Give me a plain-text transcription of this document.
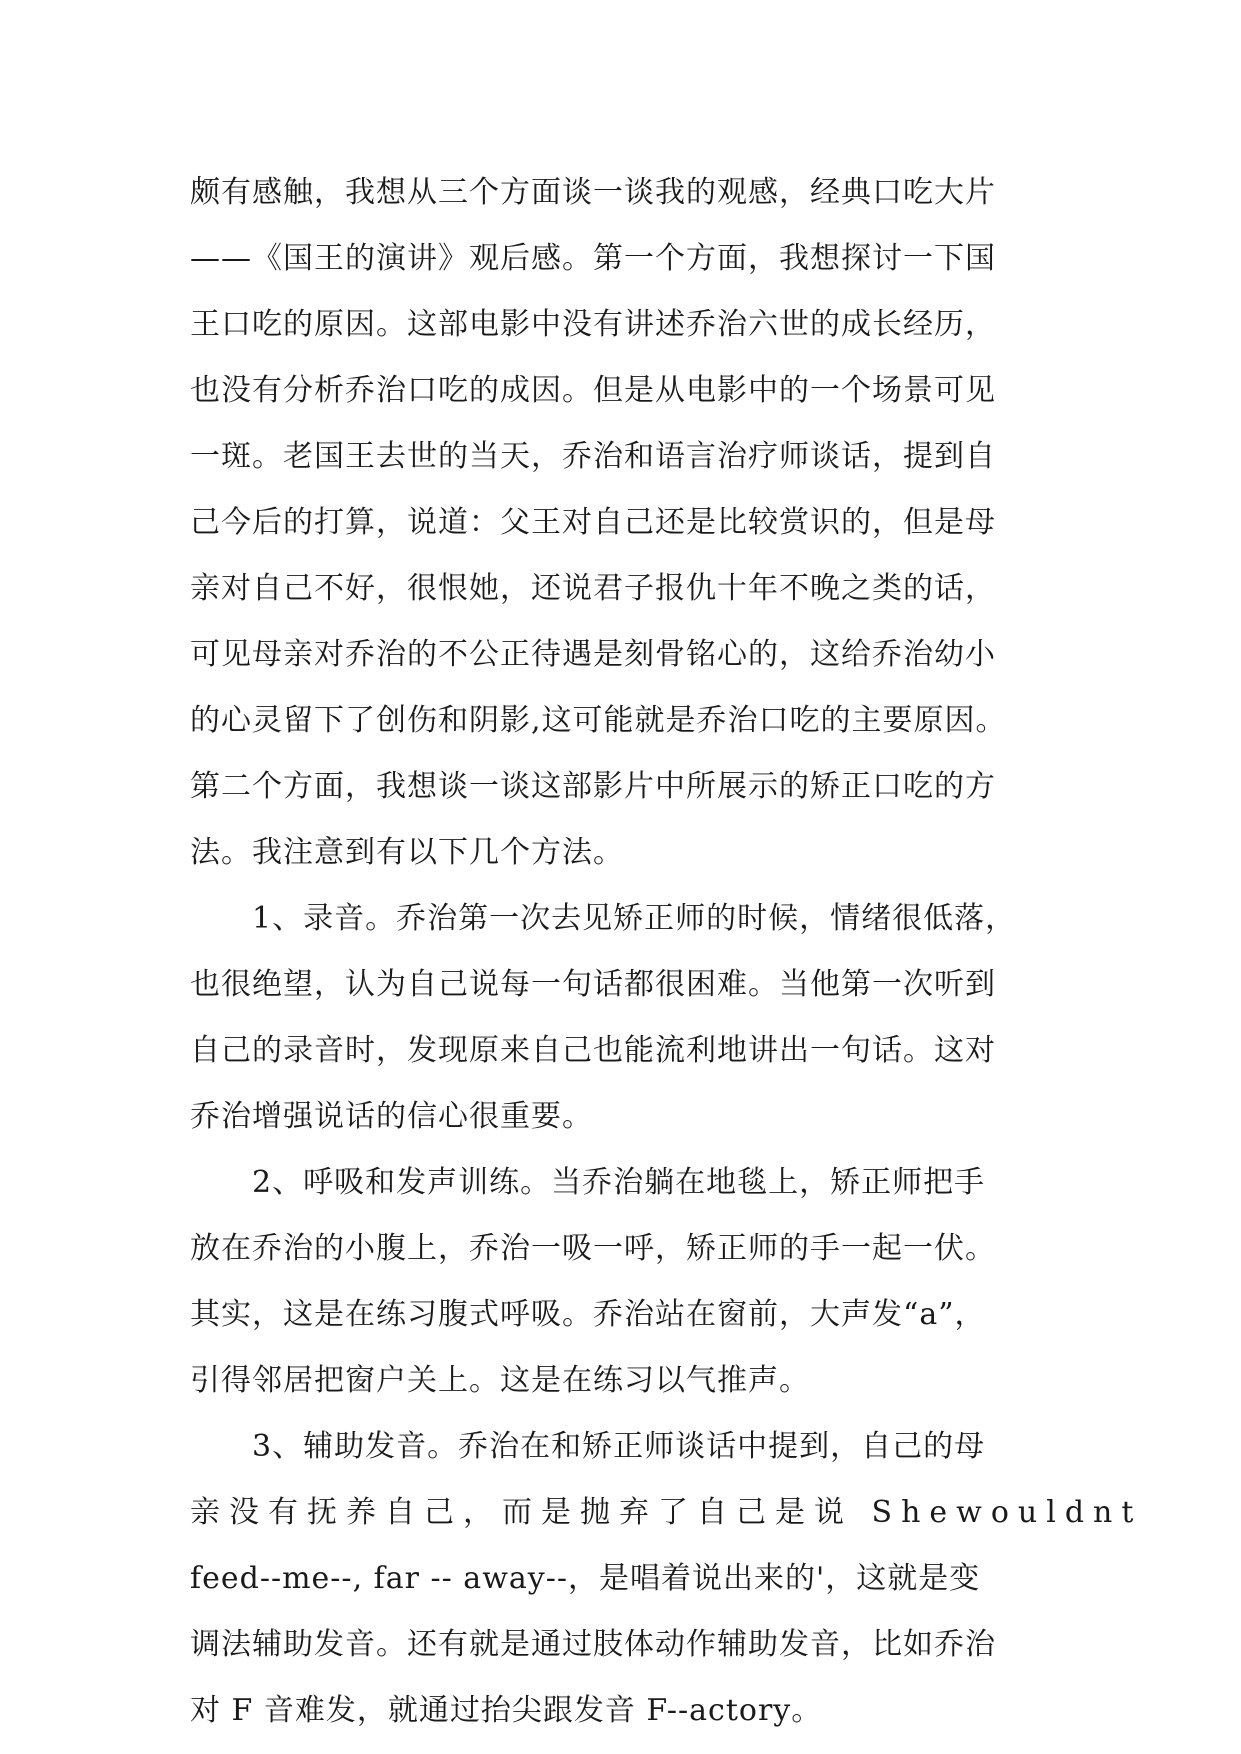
颇有感触，我想从三个方面谈一谈我的观感，经典口吃大片
——《国王的演讲》观后感。第一个方面，我想探讨一下国
王口吃的原因。这部电影中没有讲述乔治六世的成长经历，
也没有分析乔治口吃的成因。但是从电影中的一个场景可见
一斑。老国王去世的当天，乔治和语言治疗师谈话，提到自
己今后的打算，说道：父王对自己还是比较赏识的，但是母
亲对自己不好，很恨她，还说君子报仇十年不晚之类的话，
可见母亲对乔治的不公正待遇是刻骨铭心的，这给乔治幼小
的心灵留下了创伤和阴影,这可能就是乔治口吃的主要原因。
第二个方面，我想谈一谈这部影片中所展示的矫正口吃的方
法。我注意到有以下几个方法。
1、录音。乔治第一次去见矫正师的时候，情绪很低落，
也很绝望，认为自己说每一句话都很困难。当他第一次听到
自己的录音时，发现原来自己也能流利地讲出一句话。这对
乔治增强说话的信心很重要。
2、呼吸和发声训练。当乔治躺在地毯上，矫正师把手
放在乔治的小腹上，乔治一吸一呼，矫正师的手一起一伏。
其实，这是在练习腹式呼吸。乔治站在窗前，大声发“a”，
引得邻居把窗户关上。这是在练习以气推声。
3、辅助发音。乔治在和矫正师谈话中提到，自己的母
亲没有抚养自己，而是抛弃了自己是说 Shewouldnt
feed--me--, far -- away--，是唱着说出来的'，这就是变
调法辅助发音。还有就是通过肢体动作辅助发音，比如乔治
对 F 音难发，就通过抬尖跟发音 F--actory。
